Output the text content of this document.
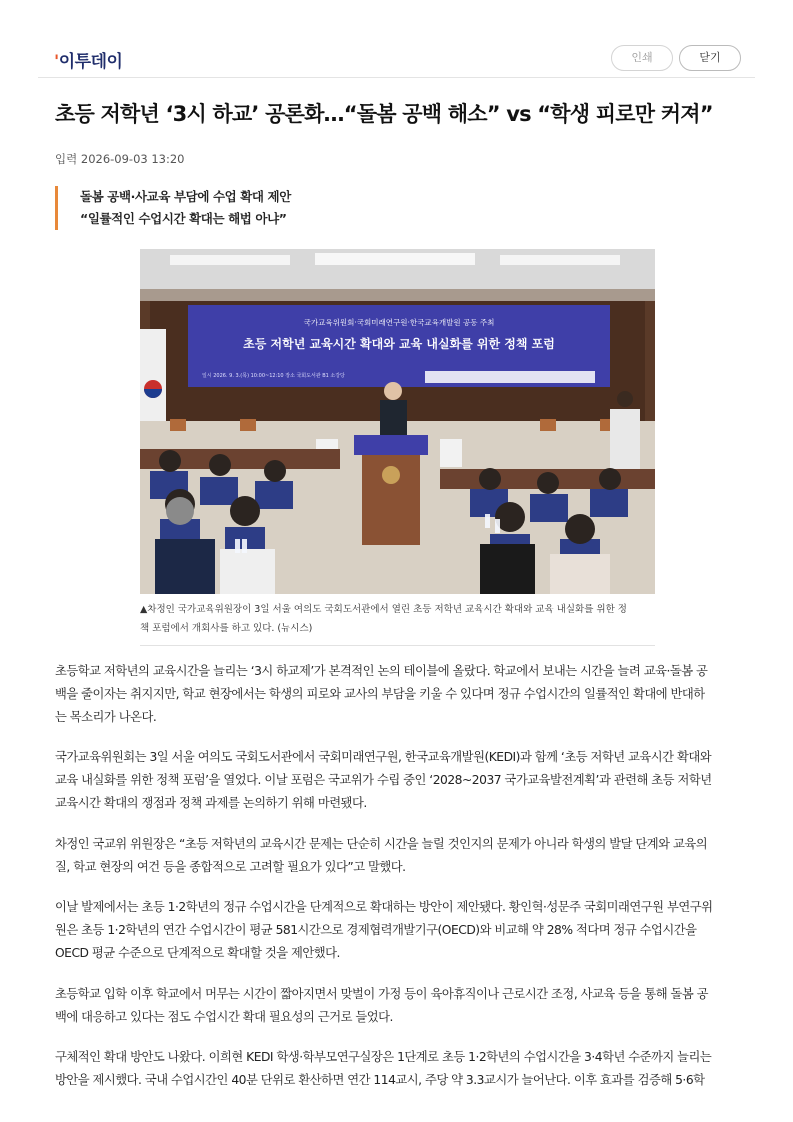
'이투데이	인쇄	닫기
초등 저학년 ‘3시 하교’ 공론화…“돌봄 공백 해소” vs “학생 피로만 커져”
입력 2026-09-03 13:20
돌봄 공백·사교육 부담에 수업 확대 제안
“일률적인 수업시간 확대는 해법 아냐”
국가교육위원회·국회미래연구원·한국교육개발원 공동 주최
초등 저학년 교육시간 확대와 교육 내실화를 위한 정책 포럼
일시 2026. 9. 3.(목) 10:00~12:10 장소 국회도서관 B1 소강당
▲차정인 국가교육위원장이 3일 서울 여의도 국회도서관에서 열린 초등 저학년 교육시간 확대와 교육 내실화를 위한 정
책 포럼에서 개회사를 하고 있다. (뉴시스)

초등학교 저학년의 교육시간을 늘리는 ‘3시 하교제’가 본격적인 논의 테이블에 올랐다. 학교에서 보내는 시간을 늘려 교육·돌봄 공
백을 줄이자는 취지지만, 학교 현장에서는 학생의 피로와 교사의 부담을 키울 수 있다며 정규 수업시간의 일률적인 확대에 반대하
는 목소리가 나온다.

국가교육위원회는 3일 서울 여의도 국회도서관에서 국회미래연구원, 한국교육개발원(KEDI)과 함께 ‘초등 저학년 교육시간 확대와
교육 내실화를 위한 정책 포럼’을 열었다. 이날 포럼은 국교위가 수립 중인 ‘2028~2037 국가교육발전계획’과 관련해 초등 저학년
교육시간 확대의 쟁점과 정책 과제를 논의하기 위해 마련됐다.

차정인 국교위 위원장은 “초등 저학년의 교육시간 문제는 단순히 시간을 늘릴 것인지의 문제가 아니라 학생의 발달 단계와 교육의
질, 학교 현장의 여건 등을 종합적으로 고려할 필요가 있다”고 말했다.

이날 발제에서는 초등 1·2학년의 정규 수업시간을 단계적으로 확대하는 방안이 제안됐다. 황인혁·성문주 국회미래연구원 부연구위
원은 초등 1·2학년의 연간 수업시간이 평균 581시간으로 경제협력개발기구(OECD)와 비교해 약 28% 적다며 정규 수업시간을
OECD 평균 수준으로 단계적으로 확대할 것을 제안했다.

초등학교 입학 이후 학교에서 머무는 시간이 짧아지면서 맞벌이 가정 등이 육아휴직이나 근로시간 조정, 사교육 등을 통해 돌봄 공
백에 대응하고 있다는 점도 수업시간 확대 필요성의 근거로 들었다.

구체적인 확대 방안도 나왔다. 이희현 KEDI 학생·학부모연구실장은 1단계로 초등 1·2학년의 수업시간을 3·4학년 수준까지 늘리는
방안을 제시했다. 국내 수업시간인 40분 단위로 환산하면 연간 114교시, 주당 약 3.3교시가 늘어난다. 이후 효과를 검증해 5·6학
